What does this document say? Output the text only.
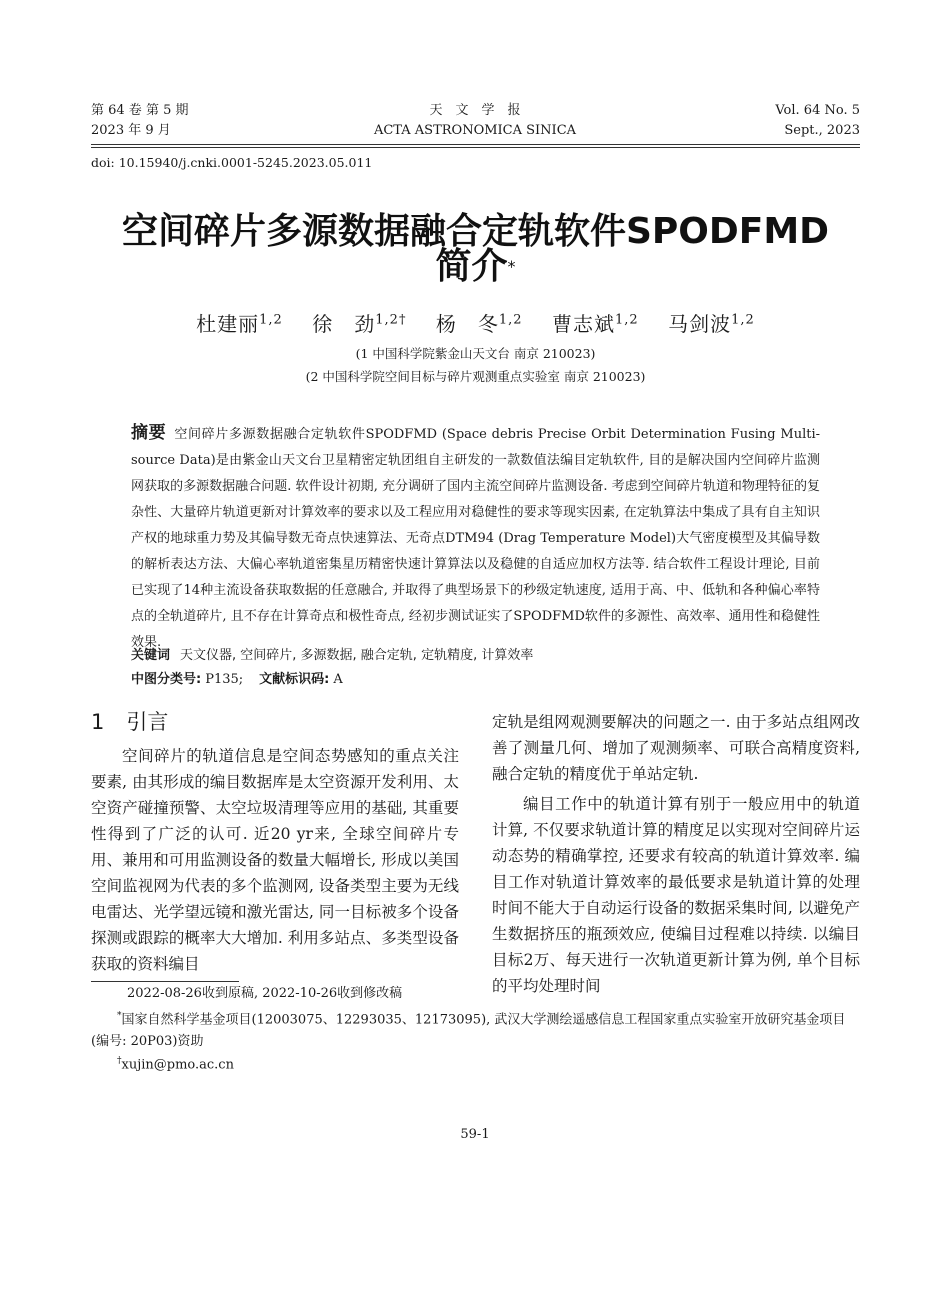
第 64 卷 第 5 期
2023 年 9 月
天　文　学　报
ACTA ASTRONOMICA SINICA
Vol. 64 No. 5
Sept., 2023
doi: 10.15940/j.cnki.0001-5245.2023.05.011
空间碎片多源数据融合定轨软件SPODFMD
简介*
杜建丽$^{1,2}$ 徐　劲$^{1,2\dagger}$ 杨　冬$^{1,2}$ 曹志斌$^{1,2}$ 马剑波$^{1,2}$
(1 中国科学院紫金山天文台 南京 210023)
(2 中国科学院空间目标与碎片观测重点实验室 南京 210023)
摘要 空间碎片多源数据融合定轨软件SPODFMD (Space debris Precise Orbit Determination Fusing Multi-source Data)是由紫金山天文台卫星精密定轨团组自主研发的一款数值法编目定轨软件, 目的是解决国内空间碎片监测网获取的多源数据融合问题. 软件设计初期, 充分调研了国内主流空间碎片监测设备. 考虑到空间碎片轨道和物理特征的复杂性、大量碎片轨道更新对计算效率的要求以及工程应用对稳健性的要求等现实因素, 在定轨算法中集成了具有自主知识产权的地球重力势及其偏导数无奇点快速算法、无奇点DTM94 (Drag Temperature Model)大气密度模型及其偏导数的解析表达方法、大偏心率轨道密集星历精密快速计算算法以及稳健的自适应加权方法等. 结合软件工程设计理论, 目前已实现了14种主流设备获取数据的任意融合, 并取得了典型场景下的秒级定轨速度, 适用于高、中、低轨和各种偏心率特点的全轨道碎片, 且不存在计算奇点和极性奇点, 经初步测试证实了SPODFMD软件的多源性、高效率、通用性和稳健性效果.
关键词 天文仪器, 空间碎片, 多源数据, 融合定轨, 定轨精度, 计算效率
中图分类号: P135; 文献标识码: A
1 引言

空间碎片的轨道信息是空间态势感知的重点关注要素, 由其形成的编目数据库是太空资源开发利用、太空资产碰撞预警、太空垃圾清理等应用的基础, 其重要性得到了广泛的认可. 近20 yr来, 全球空间碎片专用、兼用和可用监测设备的数量大幅增长, 形成以美国空间监视网为代表的多个监测网, 设备类型主要为无线电雷达、光学望远镜和激光雷达, 同一目标被多个设备探测或跟踪的概率大大增加. 利用多站点、多类型设备获取的资料编目

定轨是组网观测要解决的问题之一. 由于多站点组网改善了测量几何、增加了观测频率、可联合高精度资料, 融合定轨的精度优于单站定轨.

编目工作中的轨道计算有别于一般应用中的轨道计算, 不仅要求轨道计算的精度足以实现对空间碎片运动态势的精确掌控, 还要求有较高的轨道计算效率. 编目工作对轨道计算效率的最低要求是轨道计算的处理时间不能大于自动运行设备的数据采集时间, 以避免产生数据挤压的瓶颈效应, 使编目过程难以持续. 以编目目标2万、每天进行一次轨道更新计算为例, 单个目标的平均处理时间

2022-08-26收到原稿, 2022-10-26收到修改稿
*国家自然科学基金项目(12003075、12293035、12173095), 武汉大学测绘遥感信息工程国家重点实验室开放研究基金项目(编号: 20P03)资助
†xujin@pmo.ac.cn
59-1
